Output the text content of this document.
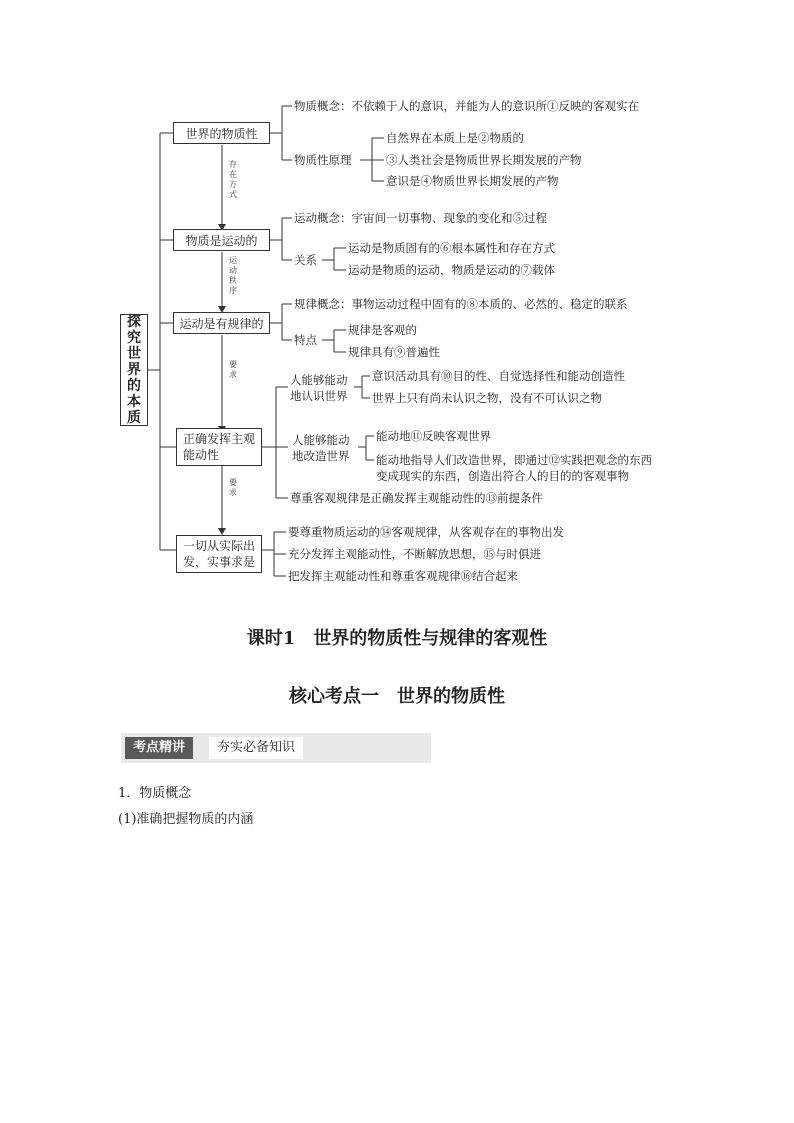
探究世界的本质
世界的物质性
物质是运动的
运动是有规律的
正确发挥主观能动性
一切从实际出发，实事求是
存在方式
运动秩序
要求
要求
物质概念：不依赖于人的意识，并能为人的意识所①反映的客观实在
物质性原理
自然界在本质上是②物质的
③人类社会是物质世界长期发展的产物
意识是④物质世界长期发展的产物
运动概念：宇宙间一切事物、现象的变化和⑤过程
关系
运动是物质固有的⑥根本属性和存在方式
运动是物质的运动，物质是运动的⑦载体
规律概念：事物运动过程中固有的⑧本质的、必然的、稳定的联系
特点
规律是客观的
规律具有⑨普遍性
人能够能动地认识世界
意识活动具有⑩目的性、自觉选择性和能动创造性
世界上只有尚未认识之物，没有不可认识之物
人能够能动地改造世界
能动地⑪反映客观世界
能动地指导人们改造世界，即通过⑫实践把观念的东西
变成现实的东西，创造出符合人的目的的客观事物
尊重客观规律是正确发挥主观能动性的⑬前提条件
要尊重物质运动的⑭客观规律，从客观存在的事物出发
充分发挥主观能动性，不断解放思想，⑮与时俱进
把发挥主观能动性和尊重客观规律⑯结合起来
课时1　世界的物质性与规律的客观性
核心考点一　世界的物质性
考点精讲	夯实必备知识
1．物质概念
(1)准确把握物质的内涵
